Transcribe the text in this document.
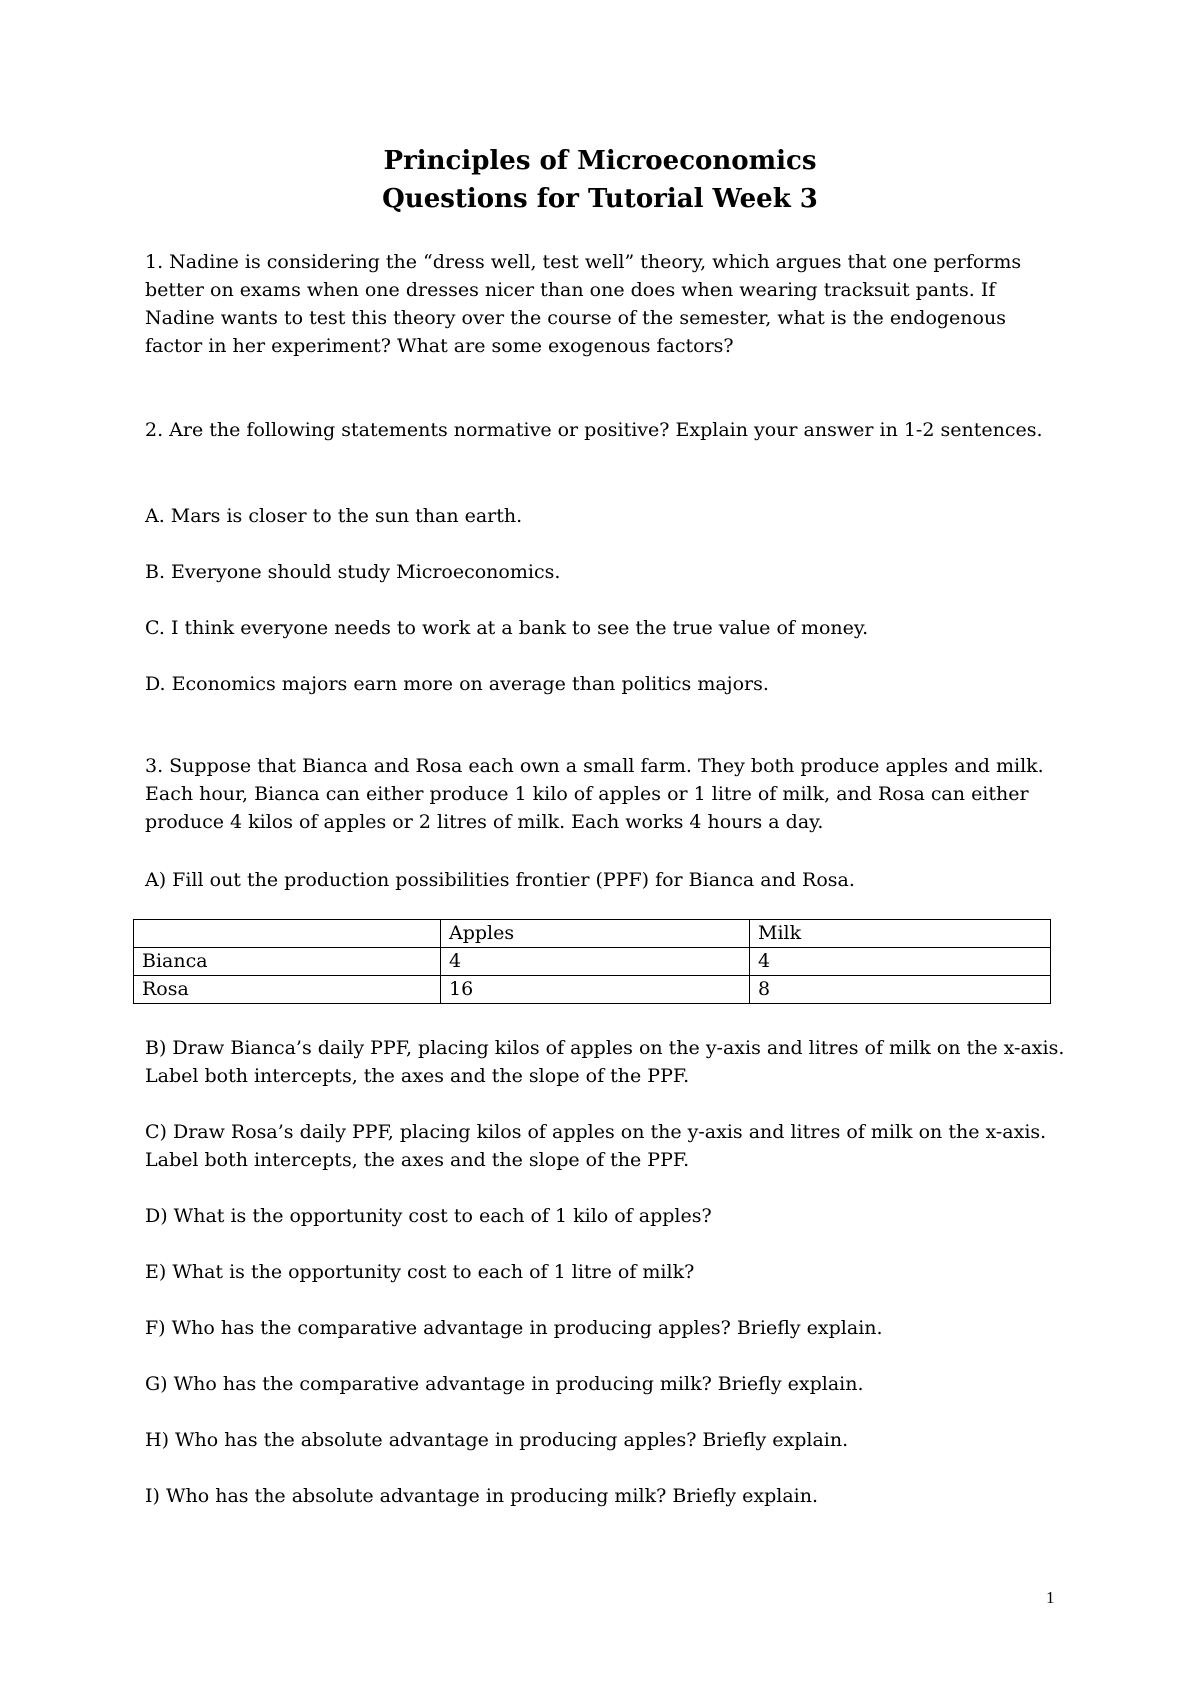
Principles of Microeconomics
Questions for Tutorial Week 3

1. Nadine is considering the “dress well, test well” theory, which argues that one performs better on exams when one dresses nicer than one does when wearing tracksuit pants. If Nadine wants to test this theory over the course of the semester, what is the endogenous factor in her experiment? What are some exogenous factors?

2. Are the following statements normative or positive? Explain your answer in 1-2 sentences.

A. Mars is closer to the sun than earth.

B. Everyone should study Microeconomics.

C. I think everyone needs to work at a bank to see the true value of money.

D. Economics majors earn more on average than politics majors.

3. Suppose that Bianca and Rosa each own a small farm. They both produce apples and milk. Each hour, Bianca can either produce 1 kilo of apples or 1 litre of milk, and Rosa can either produce 4 kilos of apples or 2 litres of milk. Each works 4 hours a day.

A) Fill out the production possibilities frontier (PPF) for Bianca and Rosa.

	Apples	Milk
Bianca	4	4
Rosa	16	8

B) Draw Bianca’s daily PPF, placing kilos of apples on the y-axis and litres of milk on the x-axis. Label both intercepts, the axes and the slope of the PPF.

C) Draw Rosa’s daily PPF, placing kilos of apples on the y-axis and litres of milk on the x-axis. Label both intercepts, the axes and the slope of the PPF.

D) What is the opportunity cost to each of 1 kilo of apples?

E) What is the opportunity cost to each of 1 litre of milk?

F) Who has the comparative advantage in producing apples? Briefly explain.

G) Who has the comparative advantage in producing milk? Briefly explain.

H) Who has the absolute advantage in producing apples? Briefly explain.

I) Who has the absolute advantage in producing milk? Briefly explain.

1
